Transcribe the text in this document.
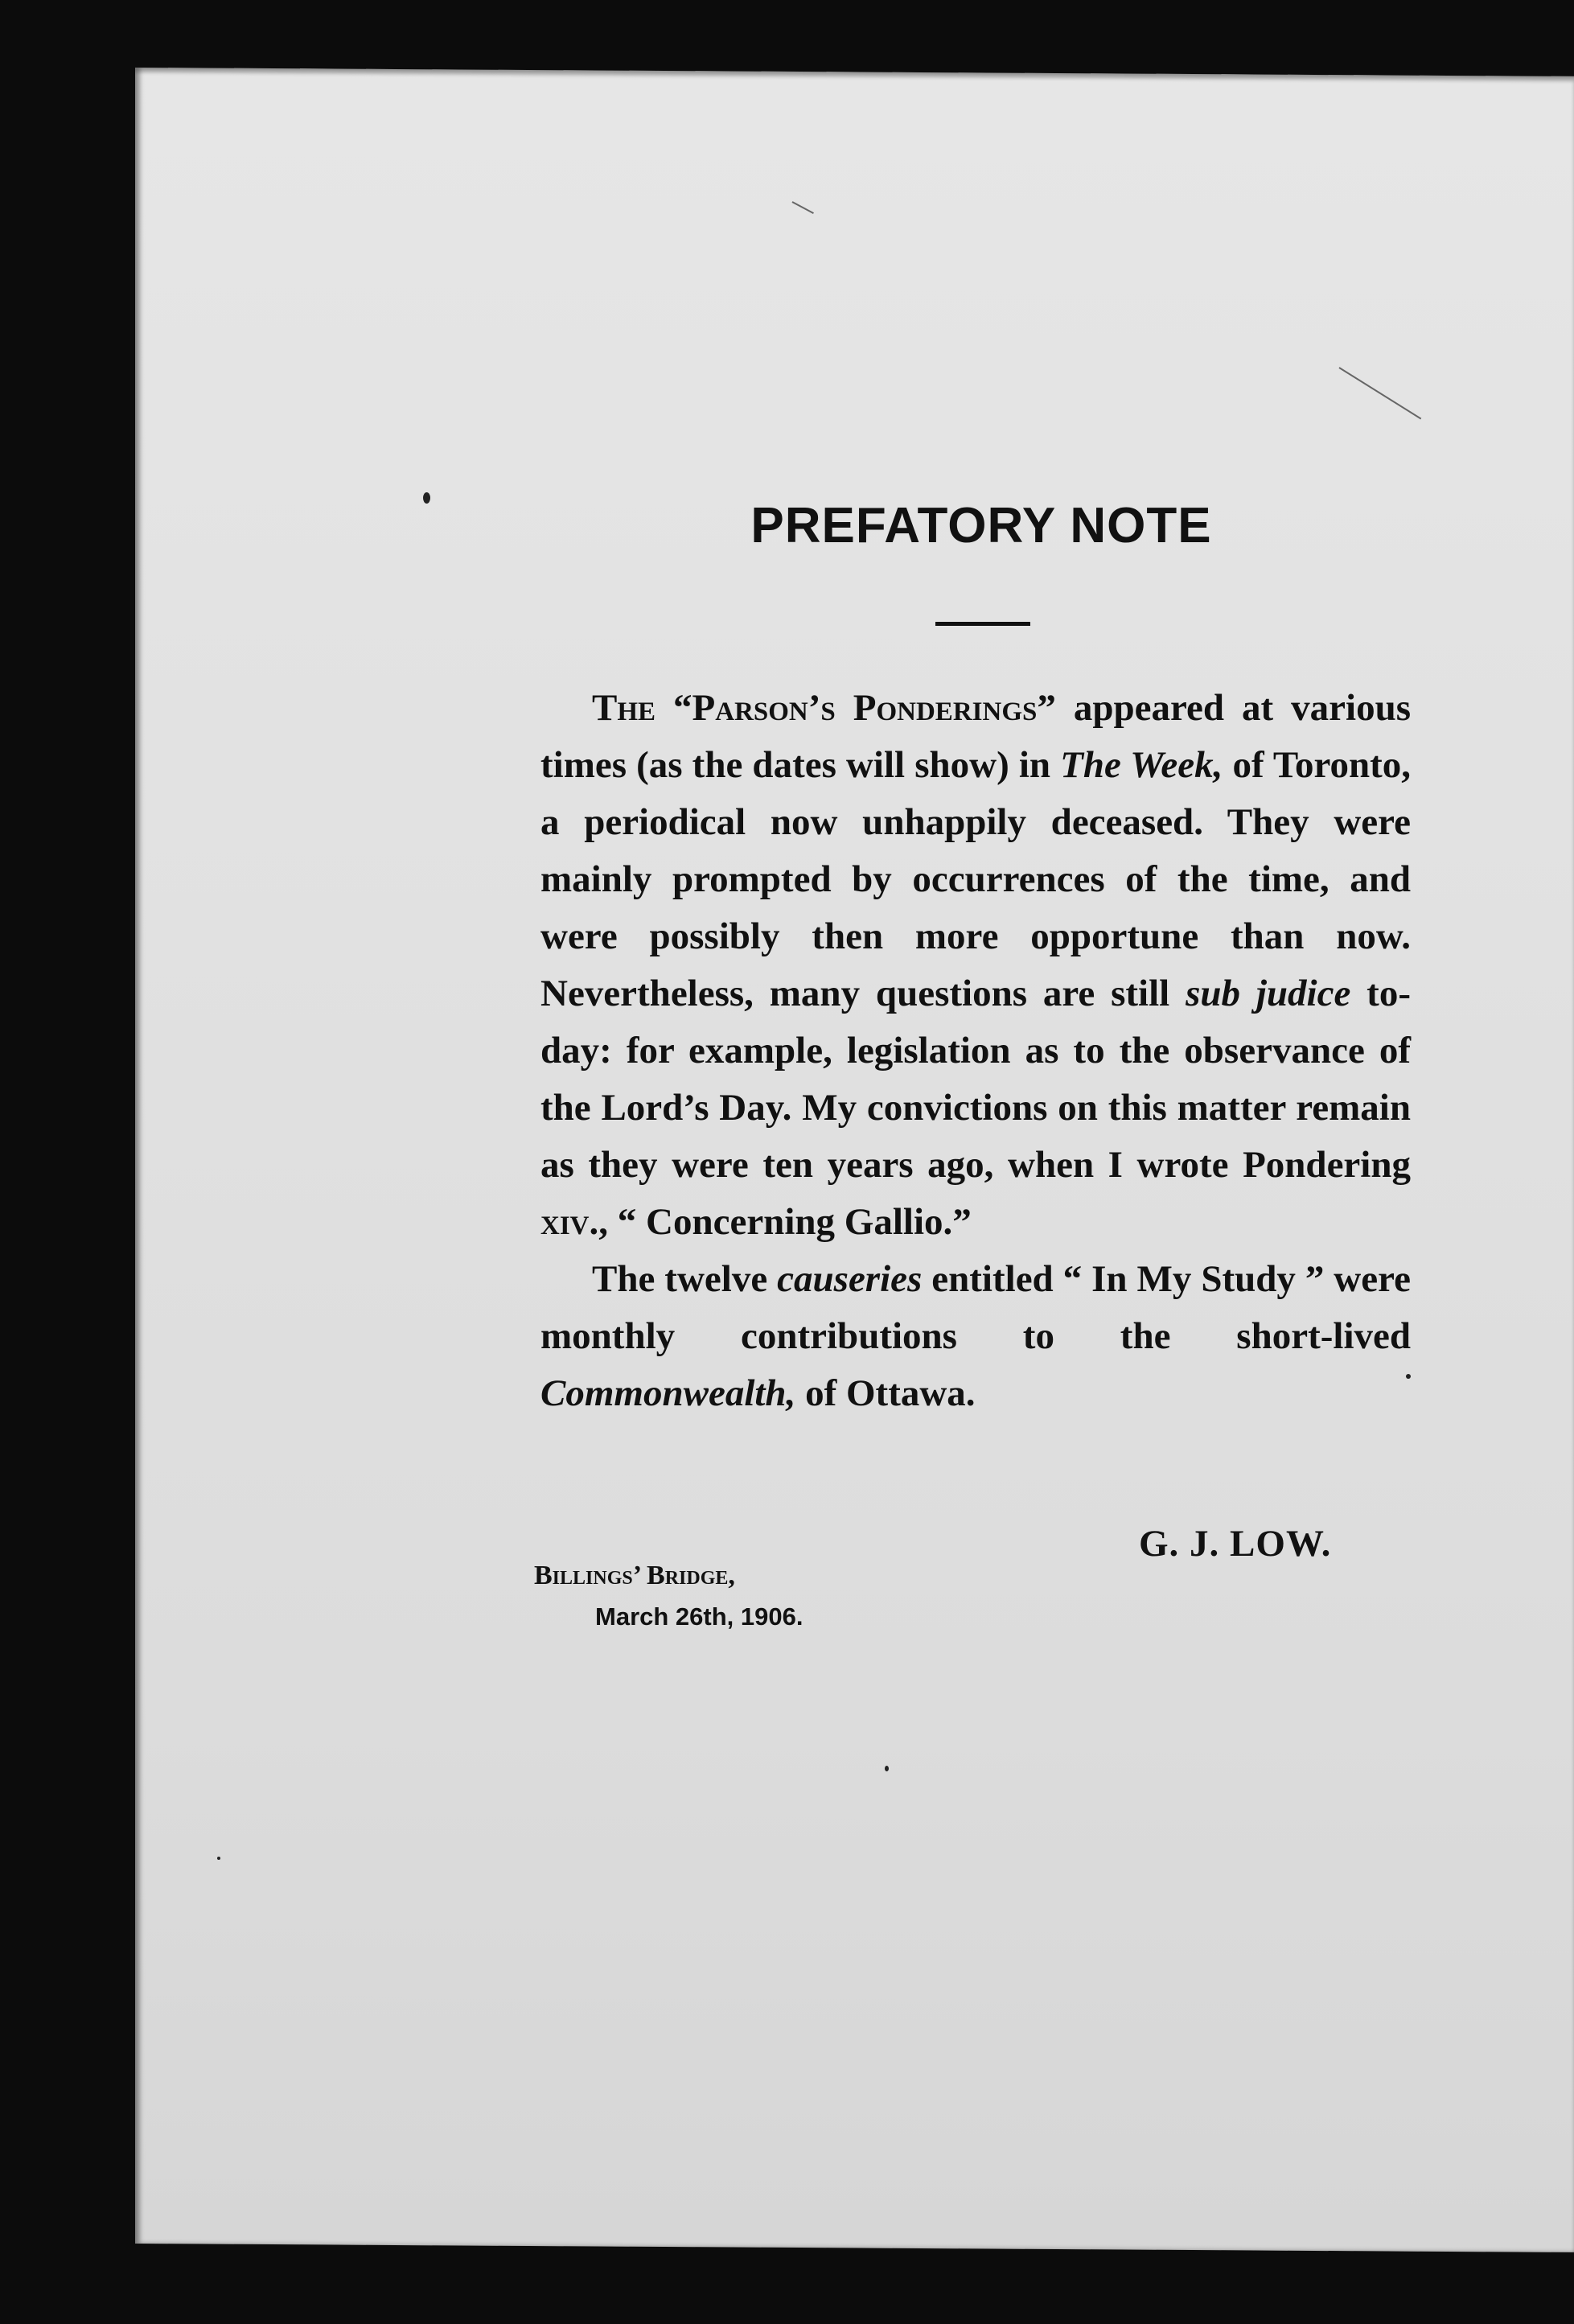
PREFATORY NOTE

The “Parson’s Ponderings” appeared at various times (as the dates will show) in The Week, of Toronto, a periodical now unhappily deceased. They were mainly prompted by occurrences of the time, and were possibly then more opportune than now. Nevertheless, many questions are still sub judice to-day: for example, legislation as to the observance of the Lord’s Day. My convictions on this matter remain as they were ten years ago, when I wrote Pondering xiv., “ Concerning Gallio.”

The twelve causeries entitled “ In My Study ” were monthly contributions to the short-lived Commonwealth, of Ottawa.

G. J. LOW.
Billings’ Bridge,
March 26th, 1906.
